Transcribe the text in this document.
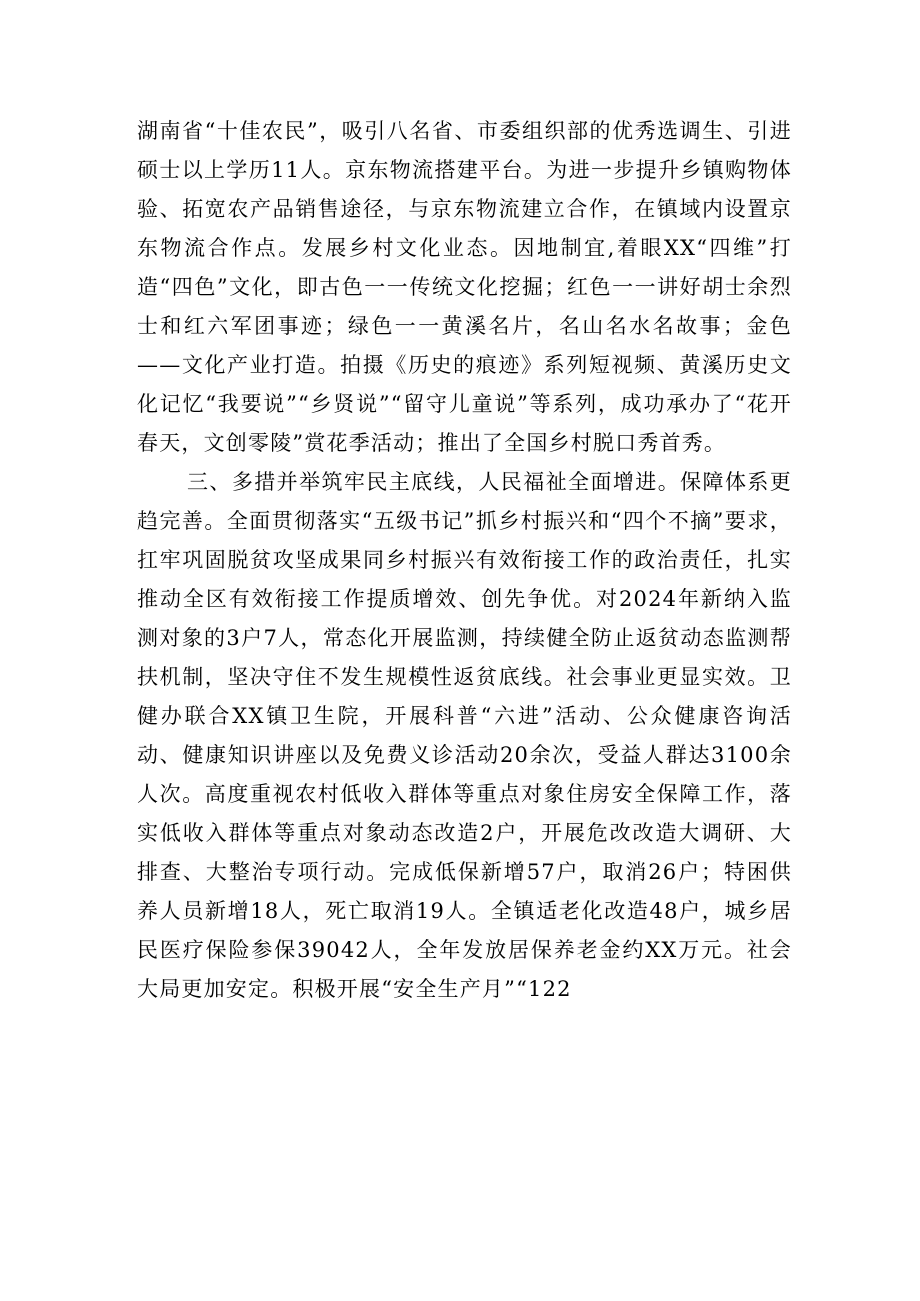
湖南省“十佳农民”，吸引八名省、市委组织部的优秀选调生、引进硕士以上学历11人。京东物流搭建平台。为进一步提升乡镇购物体验、拓宽农产品销售途径，与京东物流建立合作，在镇域内设置京东物流合作点。发展乡村文化业态。因地制宜,着眼XX“四维”打造“四色”文化，即古色一一传统文化挖掘；红色一一讲好胡士余烈士和红六军团事迹；绿色一一黄溪名片，名山名水名故事；金色——文化产业打造。拍摄《历史的痕迹》系列短视频、黄溪历史文化记忆“我要说”“乡贤说”“留守儿童说”等系列，成功承办了“花开春天，文创零陵”赏花季活动；推出了全国乡村脱口秀首秀。

三、多措并举筑牢民主底线，人民福祉全面增进。保障体系更趋完善。全面贯彻落实“五级书记”抓乡村振兴和“四个不摘”要求，扛牢巩固脱贫攻坚成果同乡村振兴有效衔接工作的政治责任，扎实推动全区有效衔接工作提质增效、创先争优。对2024年新纳入监测对象的3户7人，常态化开展监测，持续健全防止返贫动态监测帮扶机制，坚决守住不发生规模性返贫底线。社会事业更显实效。卫健办联合XX镇卫生院，开展科普“六进”活动、公众健康咨询活动、健康知识讲座以及免费义诊活动20余次，受益人群达3100余人次。高度重视农村低收入群体等重点对象住房安全保障工作，落实低收入群体等重点对象动态改造2户，开展危改改造大调研、大排查、大整治专项行动。完成低保新增57户，取消26户；特困供养人员新增18人，死亡取消19人。全镇适老化改造48户，城乡居民医疗保险参保39042人，全年发放居保养老金约XX万元。社会大局更加安定。积极开展“安全生产月”“122
